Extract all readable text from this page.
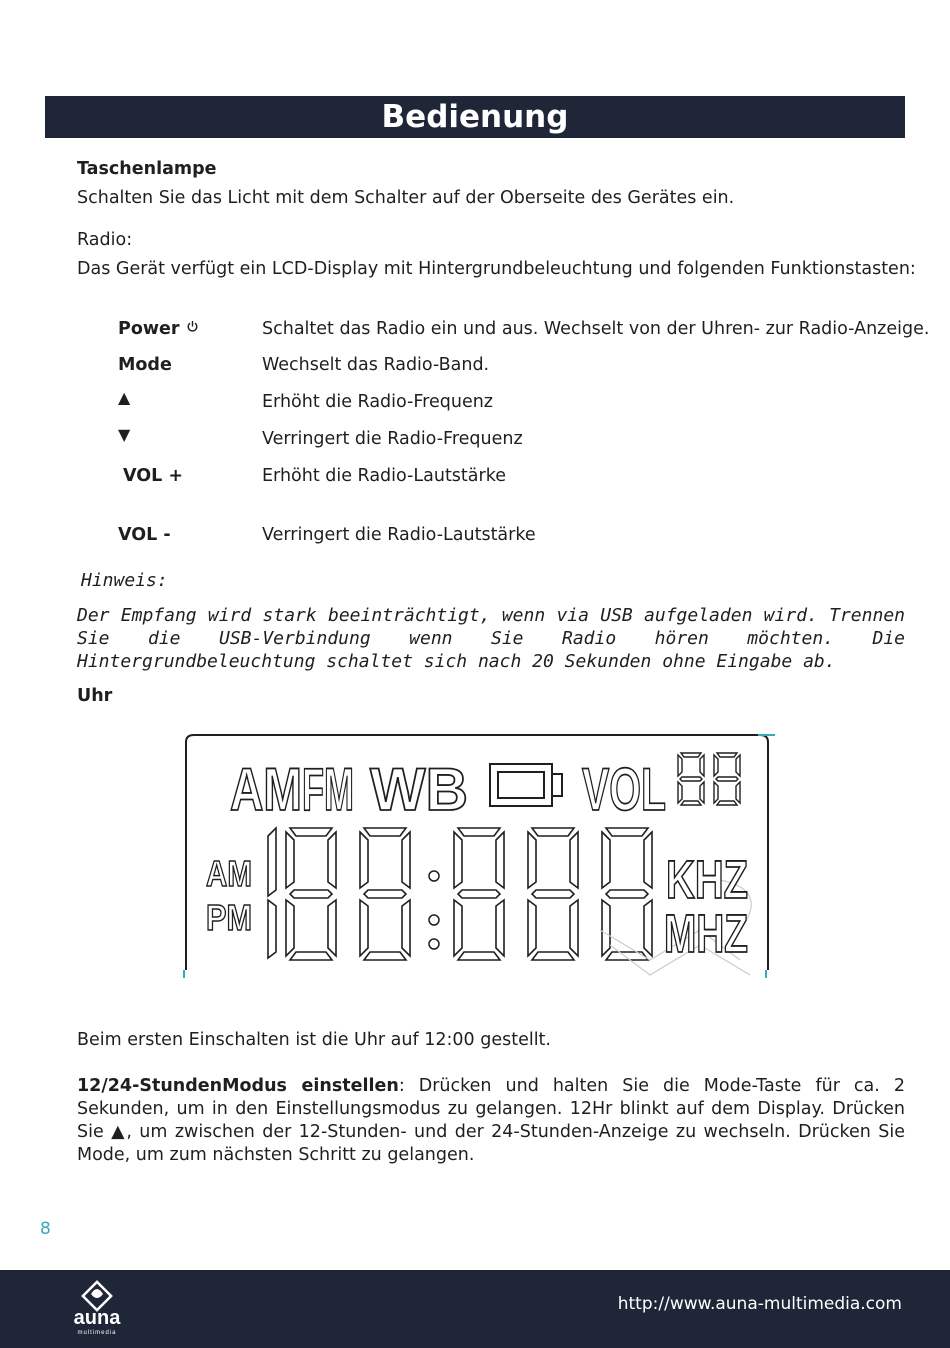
Bedienung
Taschenlampe
Schalten Sie das Licht mit dem Schalter auf der Oberseite des Gerätes ein.
Radio:
Das Gerät verfügt ein LCD-Display mit Hintergrundbeleuchtung und folgenden Funktionstasten:
Power	Schaltet das Radio ein und aus. Wechselt von der Uhren- zur Radio-Anzeige.
Mode	Wechselt das Radio-Band.
▲	Erhöht die Radio-Frequenz
▼	Verringert die Radio-Frequenz
VOL +	Erhöht die Radio-Lautstärke
VOL -	Verringert die Radio-Lautstärke
Hinweis:
Der Empfang wird stark beeinträchtigt, wenn via USB aufgeladen wird. Trennen Sie die USB-Verbindung wenn Sie Radio hören möchten. Die Hintergrundbeleuchtung schaltet sich nach 20 Sekunden ohne Eingabe ab.
Uhr
AM FM WB VOL
AM
PM
KHZ
MHZ
Beim ersten Einschalten ist die Uhr auf 12:00 gestellt.
12/24-StundenModus einstellen: Drücken und halten Sie die Mode-Taste für ca. 2 Sekunden, um in den Einstellungsmodus zu gelangen. 12Hr blinkt auf dem Display. Drücken Sie ▲, um zwischen der 12-Stunden- und der 24-Stunden-Anzeige zu wechseln. Drücken Sie Mode, um zum nächsten Schritt zu gelangen.
8
auna
multimedia
http://www.auna-multimedia.com
